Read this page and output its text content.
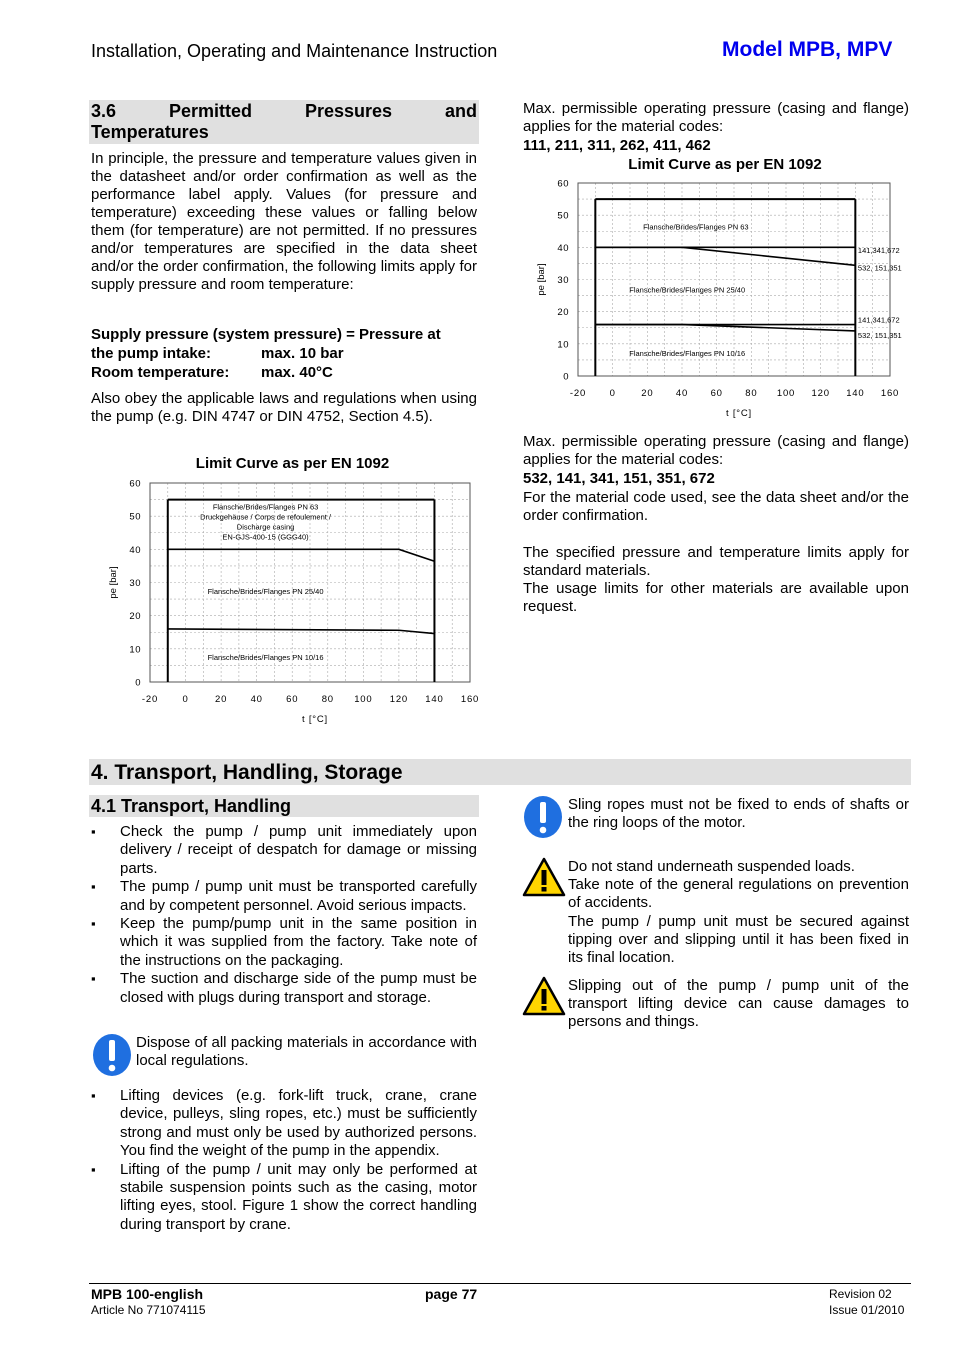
Installation, Operating and Maintenance Instruction	Model MPB, MPV
3.6	Permitted	Pressures	and
Temperatures
In principle, the pressure and temperature values given in the datasheet and/or order confirmation as well as the performance label apply. Values (for pressure and temperature) exceeding these values or falling below them (for temperature) are not permitted. If no pressures and/or temperatures are specified in the data sheet and/or the order confirmation, the following limits apply for supply pressure and room temperature:
Supply pressure (system pressure) = Pressure at
the pump intake:	max. 10 bar
Room temperature: max. 40°C
Also obey the applicable laws and regulations when using the pump (e.g. DIN 4747 or DIN 4752, Section 4.5).
Limit Curve as per EN 1092
0
10
20
30
40
50
60
-20	0	20 40 60 80 100 120 140 160
t [°C]
pe [bar]
Flansche/Brides/Flanges PN 63
Druckgehäuse / Corps de refoulement /
Discharge casing
EN-GJS-400-15 (GGG40)
Flansche/Brides/Flanges PN 25/40
Flansche/Brides/Flanges PN 10/16
Max. permissible operating pressure (casing and flange) applies for the material codes:
111, 211, 311, 262, 411, 462
Limit Curve as per EN 1092
0
10
20
30
40
50
60
-20 0	20 40 60 80 100 120 140 160
t [°C]
pe [bar]
Flansche/Brides/Flanges PN 63
Flansche/Brides/Flanges PN 25/40
Flansche/Brides/Flanges PN 10/16
141,341,672
532, 151,351
141,341,672
532, 151,351
Max. permissible operating pressure (casing and flange) applies for the material codes:
532, 141, 341, 151, 351, 672
For the material code used, see the data sheet and/or the order confirmation.
The specified pressure and temperature limits apply for standard materials.
The usage limits for other materials are available upon request.
4. Transport, Handling, Storage
4.1 Transport, Handling
▪ Check the pump / pump unit immediately upon delivery / receipt of despatch for damage or missing parts.
▪ The pump / pump unit must be transported carefully and by competent personnel. Avoid serious impacts.
▪ Keep the pump/pump unit in the same position in which it was supplied from the factory. Take note of the instructions on the packaging.
▪ The suction and discharge side of the pump must be closed with plugs during transport and storage.
Dispose of all packing materials in accordance with local regulations.
▪ Lifting devices (e.g. fork-lift truck, crane, crane device, pulleys, sling ropes, etc.) must be sufficiently strong and must only be used by authorized persons. You find the weight of the pump in the appendix.
▪ Lifting of the pump / unit may only be performed at stabile suspension points such as the casing, motor lifting eyes, stool. Figure 1 show the correct handling during transport by crane.
Sling ropes must not be fixed to ends of shafts or the ring loops of the motor.
Do not stand underneath suspended loads.
Take note of the general regulations on prevention of accidents.
The pump / pump unit must be secured against tipping over and slipping until it has been fixed in its final location.
Slipping out of the pump / pump unit of the transport lifting device can cause damages to persons and things.
MPB 100-english
Article No 771074115
page 77	Revision 02
Issue 01/2010
